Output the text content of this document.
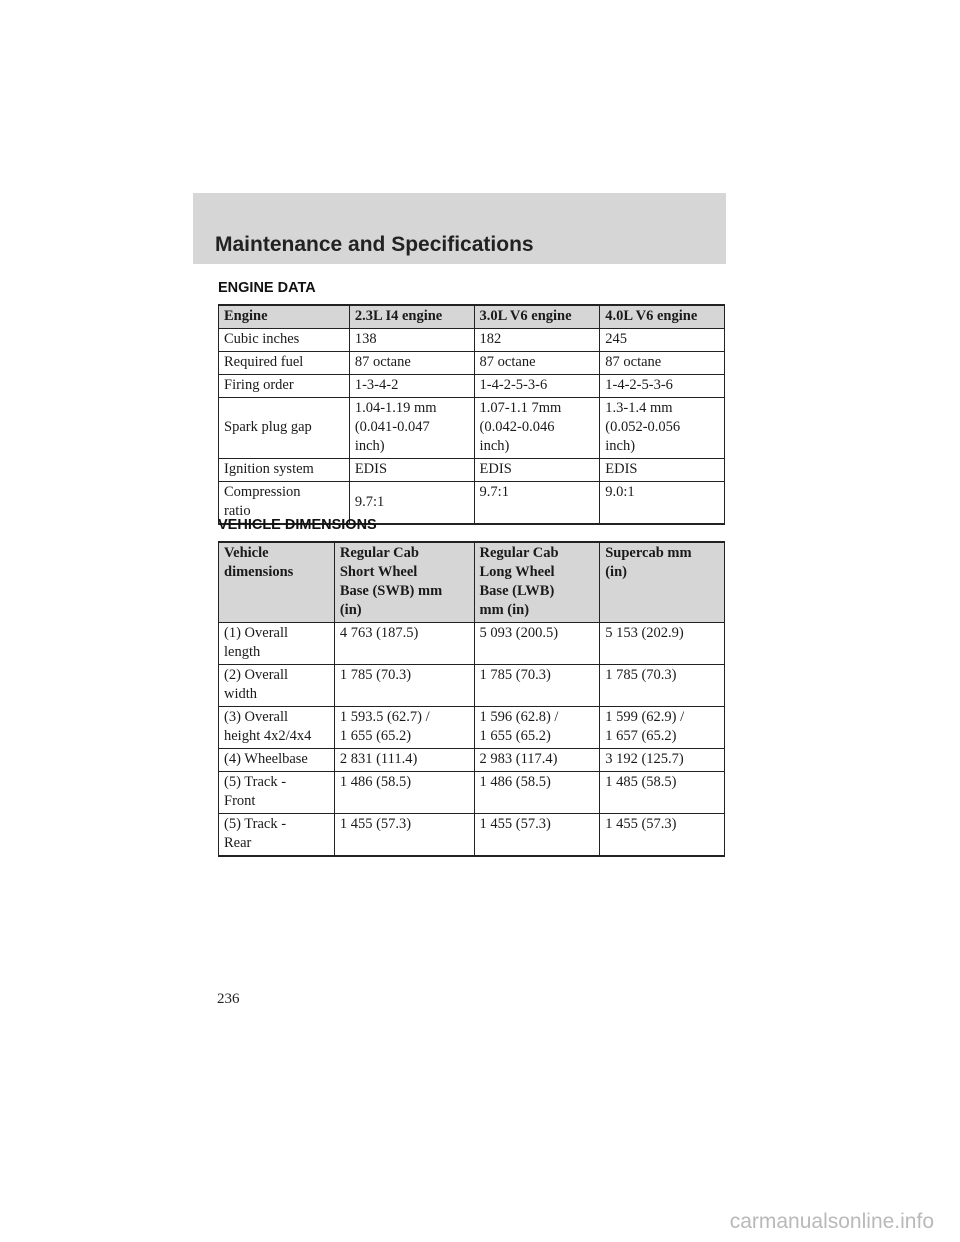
Maintenance and Specifications
ENGINE DATA
Engine	2.3L I4 engine	3.0L V6 engine	4.0L V6 engine
Cubic inches	138	182	245
Required fuel	87 octane	87 octane	87 octane
Firing order	1-3-4-2	1-4-2-5-3-6	1-4-2-5-3-6
Spark plug gap	1.04-1.19 mm
(0.041-0.047
inch)	1.07-1.1 7mm
(0.042-0.046
inch)	1.3-1.4 mm
(0.052-0.056
inch)
Ignition system	EDIS	EDIS	EDIS
Compression
ratio	9.7:1	9.7:1	9.0:1
VEHICLE DIMENSIONS
Vehicle
dimensions	Regular Cab
Short Wheel
Base (SWB) mm
(in)	Regular Cab
Long Wheel
Base (LWB)
mm (in)	Supercab mm
(in)
(1) Overall
length	4 763 (187.5)	5 093 (200.5)	5 153 (202.9)
(2) Overall
width	1 785 (70.3)	1 785 (70.3)	1 785 (70.3)
(3) Overall
height 4x2/4x4	1 593.5 (62.7) /
1 655 (65.2)	1 596 (62.8) /
1 655 (65.2)	1 599 (62.9) /
1 657 (65.2)
(4) Wheelbase	2 831 (111.4)	2 983 (117.4)	3 192 (125.7)
(5) Track -
Front	1 486 (58.5)	1 486 (58.5)	1 485 (58.5)
(5) Track -
Rear	1 455 (57.3)	1 455 (57.3)	1 455 (57.3)
236
carmanualsonline.info
